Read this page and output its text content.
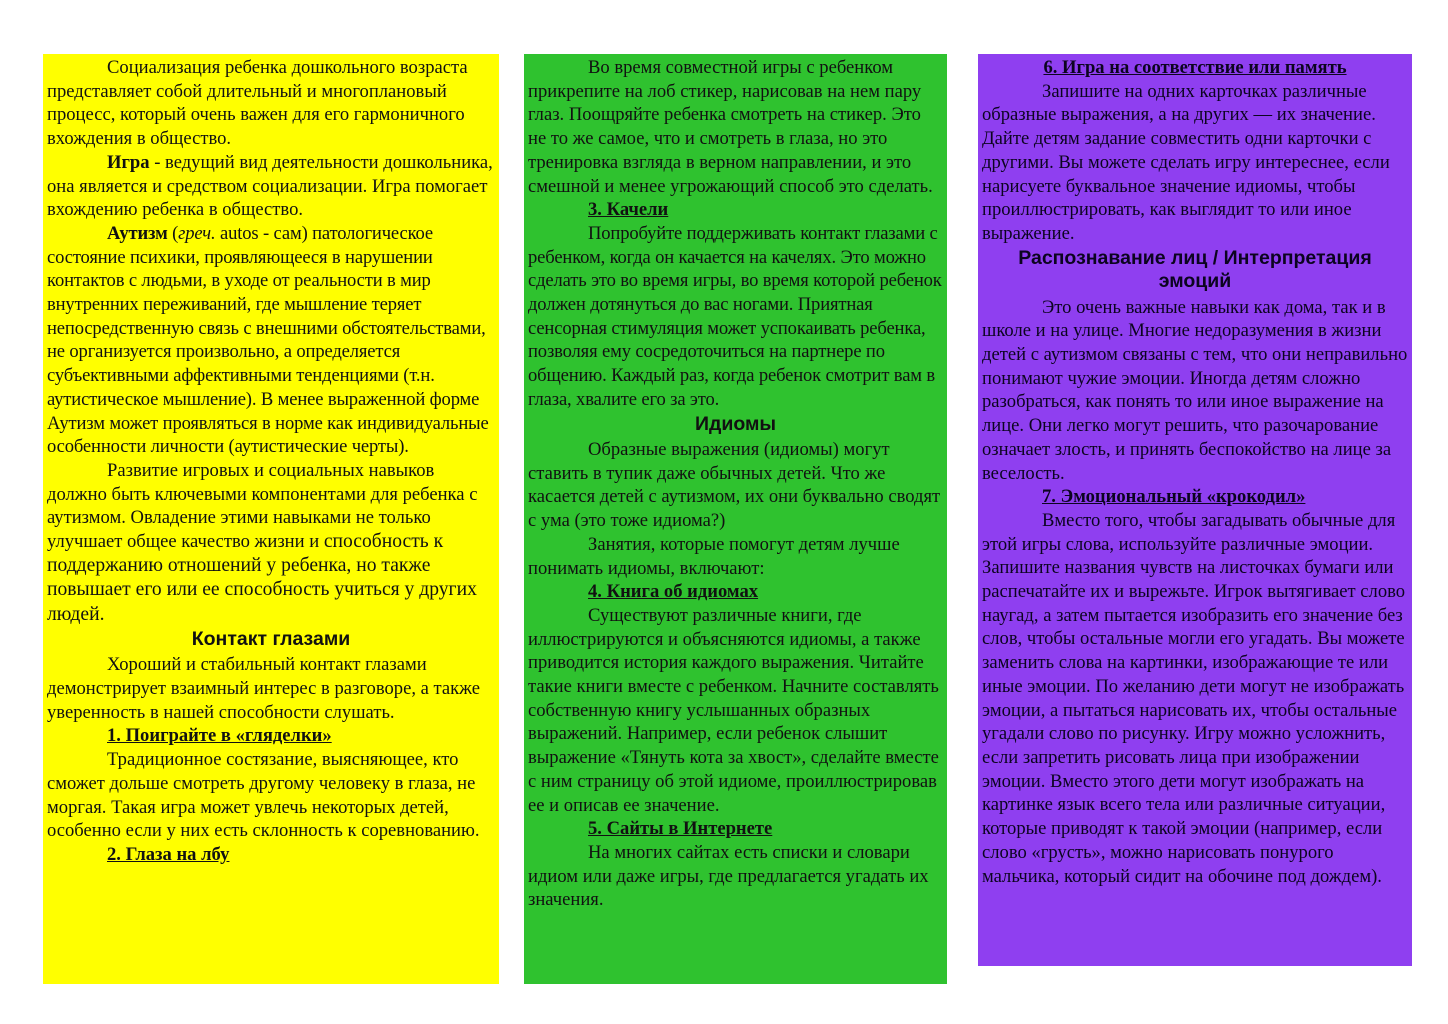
Социализация ребенка дошкольного возраста представляет собой длительный и многоплановый процесс, который очень важен для его гармоничного вхождения в общество.

Игра - ведущий вид деятельности дошкольника, она является и средством социализации. Игра помогает вхождению ребенка в общество.

Аутизм (греч. autos - сам) патологическое состояние психики, проявляющееся в нарушении контактов с людьми, в уходе от реальности в мир внутренних переживаний, где мышление теряет непосредственную связь с внешними обстоятельствами, не организуется произвольно, а определяется субъективными аффективными тенденциями (т.н. аутистическое мышление). В менее выраженной форме Аутизм может проявляться в норме как индивидуальные особенности личности (аутистические черты).

Развитие игровых и социальных навыков должно быть ключевыми компонентами для ребенка с аутизмом. Овладение этими навыками не только улучшает общее качество жизни и способность к поддержанию отношений у ребенка, но также повышает его или ее способность учиться у других людей.

Контакт глазами

Хороший и стабильный контакт глазами демонстрирует взаимный интерес в разговоре, а также уверенность в нашей способности слушать.

1. Поиграйте в «гляделки»

Традиционное состязание, выясняющее, кто сможет дольше смотреть другому человеку в глаза, не моргая. Такая игра может увлечь некоторых детей, особенно если у них есть склонность к соревнованию.

2. Глаза на лбу

Во время совместной игры с ребенком прикрепите на лоб стикер, нарисовав на нем пару глаз. Поощряйте ребенка смотреть на стикер. Это не то же самое, что и смотреть в глаза, но это тренировка взгляда в верном направлении, и это смешной и менее угрожающий способ это сделать.

3. Качели

Попробуйте поддерживать контакт глазами с ребенком, когда он качается на качелях. Это можно сделать это во время игры, во время которой ребенок должен дотянуться до вас ногами. Приятная сенсорная стимуляция может успокаивать ребенка, позволяя ему сосредоточиться на партнере по общению. Каждый раз, когда ребенок смотрит вам в глаза, хвалите его за это.

Идиомы

Образные выражения (идиомы) могут ставить в тупик даже обычных детей. Что же касается детей с аутизмом, их они буквально сводят с ума (это тоже идиома?)

Занятия, которые помогут детям лучше понимать идиомы, включают:

4. Книга об идиомах

Существуют различные книги, где иллюстрируются и объясняются идиомы, а также приводится история каждого выражения. Читайте такие книги вместе с ребенком. Начните составлять собственную книгу услышанных образных выражений. Например, если ребенок слышит выражение «Тянуть кота за хвост», сделайте вместе с ним страницу об этой идиоме, проиллюстрировав ее и описав ее значение.

5. Сайты в Интернете

На многих сайтах есть списки и словари идиом или даже игры, где предлагается угадать их значения.

6. Игра на соответствие или память

Запишите на одних карточках различные образные выражения, а на других — их значение. Дайте детям задание совместить одни карточки с другими. Вы можете сделать игру интереснее, если нарисуете буквальное значение идиомы, чтобы проиллюстрировать, как выглядит то или иное выражение.

Распознавание лиц / Интерпретация эмоций

Это очень важные навыки как дома, так и в школе и на улице. Многие недоразумения в жизни детей с аутизмом связаны с тем, что они неправильно понимают чужие эмоции. Иногда детям сложно разобраться, как понять то или иное выражение на лице. Они легко могут решить, что разочарование означает злость, и принять беспокойство на лице за веселость.

7. Эмоциональный «крокодил»

Вместо того, чтобы загадывать обычные для этой игры слова, используйте различные эмоции. Запишите названия чувств на листочках бумаги или распечатайте их и вырежьте. Игрок вытягивает слово наугад, а затем пытается изобразить его значение без слов, чтобы остальные могли его угадать. Вы можете заменить слова на картинки, изображающие те или иные эмоции. По желанию дети могут не изображать эмоции, а пытаться нарисовать их, чтобы остальные угадали слово по рисунку. Игру можно усложнить, если запретить рисовать лица при изображении эмоции. Вместо этого дети могут изображать на картинке язык всего тела или различные ситуации, которые приводят к такой эмоции (например, если слово «грусть», можно нарисовать понурого мальчика, который сидит на обочине под дождем).
